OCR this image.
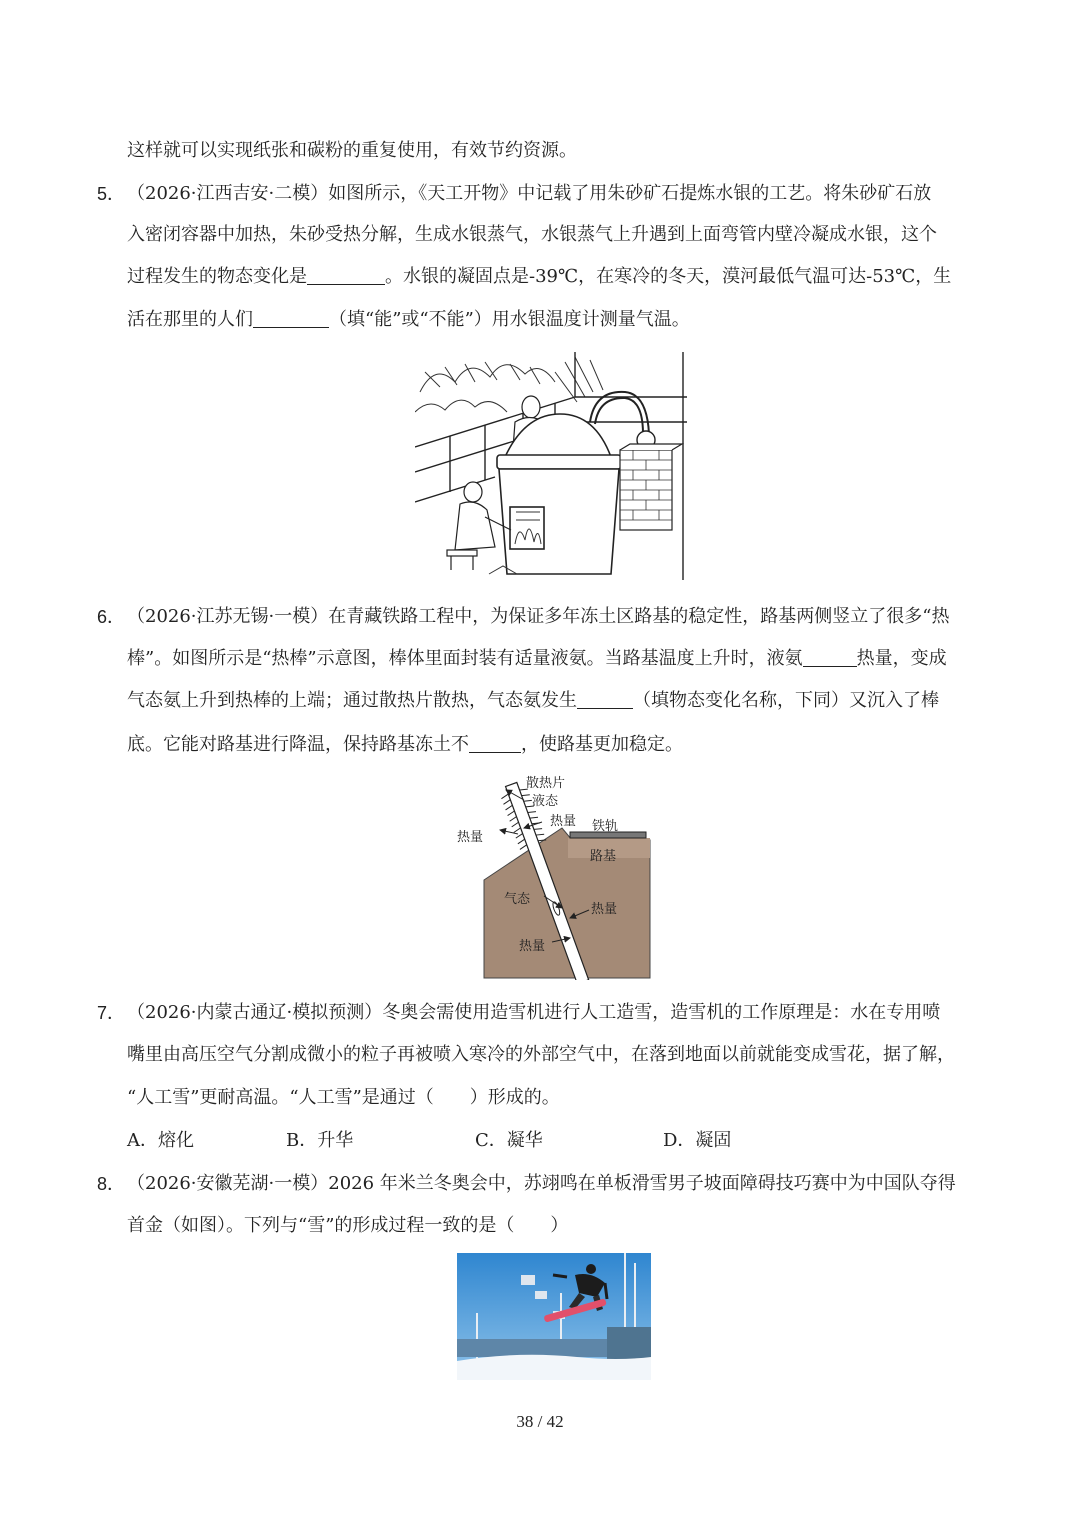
这样就可以实现纸张和碳粉的重复使用，有效节约资源。
5． （2026·江西吉安·二模）如图所示，《天工开物》中记载了用朱砂矿石提炼水银的工艺。将朱砂矿石放
入密闭容器中加热，朱砂受热分解，生成水银蒸气，水银蒸气上升遇到上面弯管内壁冷凝成水银，这个
过程发生的物态变化是	。水银的凝固点是-39℃，在寒冷的冬天，漠河最低气温可达-53℃，生
活在那里的人们	（填“能”或“不能”）用水银温度计测量气温。
6． （2026·江苏无锡·一模）在青藏铁路工程中，为保证多年冻土区路基的稳定性，路基两侧竖立了很多“热
棒”。如图所示是“热棒”示意图，棒体里面封装有适量液氨。当路基温度上升时，液氨	热量，变成
气态氨上升到热棒的上端；通过散热片散热，气态氨发生	（填物态变化名称，下同）又沉入了棒
底。它能对路基进行降温，保持路基冻土不	，使路基更加稳定。
散热片
液态
热量
热量
铁轨
路基
气态
热量
热量
7． （2026·内蒙古通辽·模拟预测）冬奥会需使用造雪机进行人工造雪，造雪机的工作原理是：水在专用喷
嘴里由高压空气分割成微小的粒子再被喷入寒冷的外部空气中，在落到地面以前就能变成雪花，据了解，
“人工雪”更耐高温。“人工雪”是通过（　　）形成的。
A．熔化	B．升华	C．凝华	D．凝固
8． （2026·安徽芜湖·一模）2026 年米兰冬奥会中，苏翊鸣在单板滑雪男子坡面障碍技巧赛中为中国队夺得
首金（如图）。下列与“雪”的形成过程一致的是（　　）
38 / 42
